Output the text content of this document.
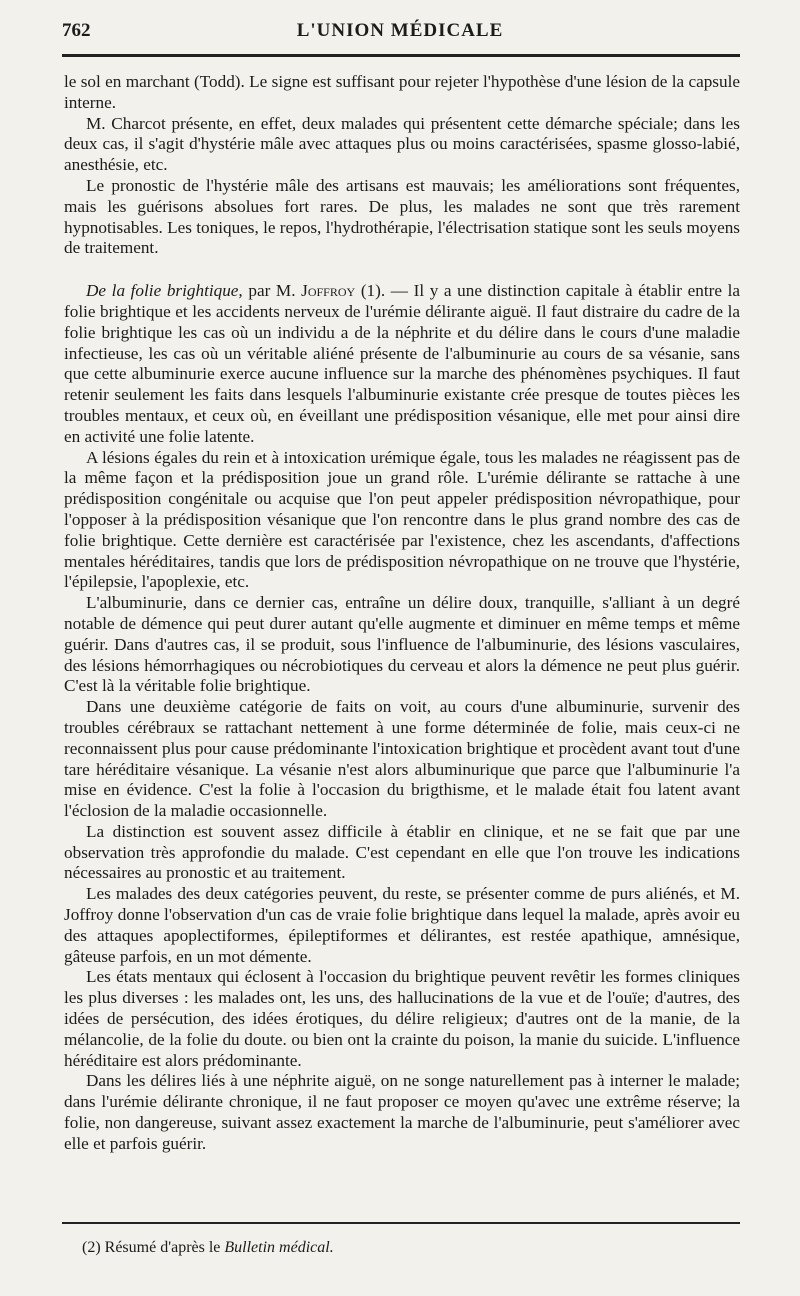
762	L'UNION MÉDICALE

le sol en marchant (Todd). Le signe est suffisant pour rejeter l'hypothèse d'une lésion de la capsule interne.

M. Charcot présente, en effet, deux malades qui présentent cette démarche spéciale; dans les deux cas, il s'agit d'hystérie mâle avec attaques plus ou moins caractérisées, spasme glosso-labié, anesthésie, etc.

Le pronostic de l'hystérie mâle des artisans est mauvais; les améliorations sont fréquentes, mais les guérisons absolues fort rares. De plus, les malades ne sont que très rarement hypnotisables. Les toniques, le repos, l'hydrothérapie, l'électrisation statique sont les seuls moyens de traitement.

De la folie brightique, par M. Joffroy (1). — Il y a une distinction capitale à établir entre la folie brightique et les accidents nerveux de l'urémie délirante aiguë. Il faut distraire du cadre de la folie brightique les cas où un individu a de la néphrite et du délire dans le cours d'une maladie infectieuse, les cas où un véritable aliéné présente de l'albuminurie au cours de sa vésanie, sans que cette albuminurie exerce aucune influence sur la marche des phénomènes psychiques. Il faut retenir seulement les faits dans lesquels l'albuminurie existante crée presque de toutes pièces les troubles mentaux, et ceux où, en éveillant une prédisposition vésanique, elle met pour ainsi dire en activité une folie latente.

A lésions égales du rein et à intoxication urémique égale, tous les malades ne réagissent pas de la même façon et la prédisposition joue un grand rôle. L'urémie délirante se rattache à une prédisposition congénitale ou acquise que l'on peut appeler prédisposition névropathique, pour l'opposer à la prédisposition vésanique que l'on rencontre dans le plus grand nombre des cas de folie brightique. Cette dernière est caractérisée par l'existence, chez les ascendants, d'affections mentales héréditaires, tandis que lors de prédisposition névropathique on ne trouve que l'hystérie, l'épilepsie, l'apoplexie, etc.

L'albuminurie, dans ce dernier cas, entraîne un délire doux, tranquille, s'alliant à un degré notable de démence qui peut durer autant qu'elle augmente et diminuer en même temps et même guérir. Dans d'autres cas, il se produit, sous l'influence de l'albuminurie, des lésions vasculaires, des lésions hémorrhagiques ou nécrobiotiques du cerveau et alors la démence ne peut plus guérir. C'est là la véritable folie brightique.

Dans une deuxième catégorie de faits on voit, au cours d'une albuminurie, survenir des troubles cérébraux se rattachant nettement à une forme déterminée de folie, mais ceux-ci ne reconnaissent plus pour cause prédominante l'intoxication brightique et procèdent avant tout d'une tare héréditaire vésanique. La vésanie n'est alors albuminurique que parce que l'albuminurie l'a mise en évidence. C'est la folie à l'occasion du brigthisme, et le malade était fou latent avant l'éclosion de la maladie occasionnelle.

La distinction est souvent assez difficile à établir en clinique, et ne se fait que par une observation très approfondie du malade. C'est cependant en elle que l'on trouve les indications nécessaires au pronostic et au traitement.

Les malades des deux catégories peuvent, du reste, se présenter comme de purs aliénés, et M. Joffroy donne l'observation d'un cas de vraie folie brightique dans lequel la malade, après avoir eu des attaques apoplectiformes, épileptiformes et délirantes, est restée apathique, amnésique, gâteuse parfois, en un mot démente.

Les états mentaux qui éclosent à l'occasion du brightique peuvent revêtir les formes cliniques les plus diverses : les malades ont, les uns, des hallucinations de la vue et de l'ouïe; d'autres, des idées de persécution, des idées érotiques, du délire religieux; d'autres ont de la manie, de la mélancolie, de la folie du doute. ou bien ont la crainte du poison, la manie du suicide. L'influence héréditaire est alors prédominante.

Dans les délires liés à une néphrite aiguë, on ne songe naturellement pas à interner le malade; dans l'urémie délirante chronique, il ne faut proposer ce moyen qu'avec une extrême réserve; la folie, non dangereuse, suivant assez exactement la marche de l'albuminurie, peut s'améliorer avec elle et parfois guérir.

(2) Résumé d'après le Bulletin médical.
